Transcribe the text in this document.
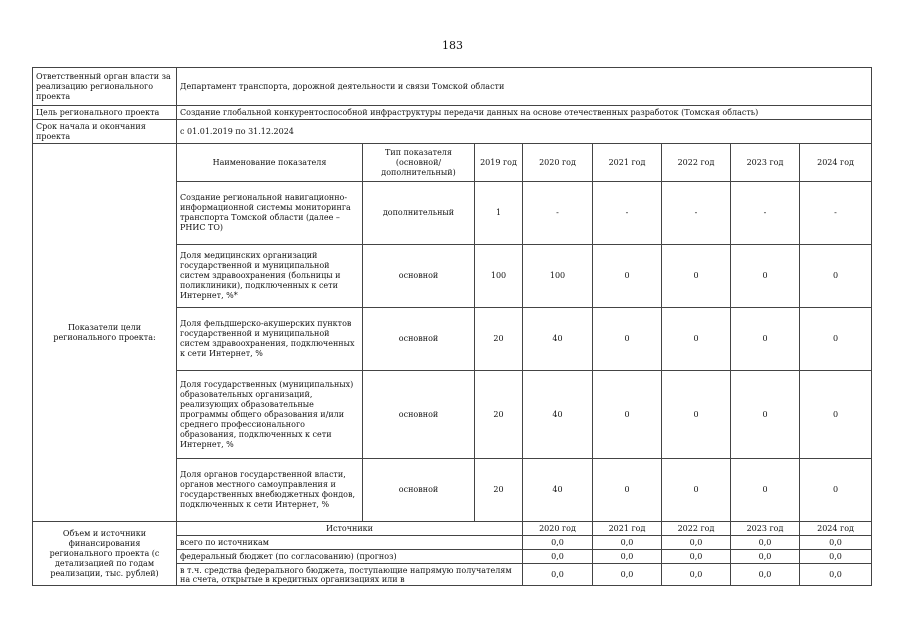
183
Ответственный орган власти за реализацию регионального проекта	Департамент транспорта, дорожной деятельности и связи Томской области							
Цель регионального проекта	Создание глобальной конкурентоспособной инфраструктуры передачи данных на основе отечественных разработок (Томская область)							
Срок начала и окончания проекта	с 01.01.2019 по 31.12.2024							
Показатели цели регионального проекта:	Наименование показателя	Тип показателя (основной/дополнительный)	2019 год	2020 год	2021 год	2022 год	2023 год	2024 год
	Создание региональной навигационно-информационной системы мониторинга транспорта Томской области (далее – РНИС ТО)	дополнительный	1	-	-	-	-	-
	Доля медицинских организаций государственной и муниципальной систем здравоохранения (больницы и поликлиники), подключенных к сети Интернет, %*	основной	100	100	0	0	0	0
	Доля фельдшерско-акушерских пунктов государственной и муниципальной систем здравоохранения, подключенных к сети Интернет, %	основной	20	40	0	0	0	0
	Доля государственных (муниципальных) образовательных организаций, реализующих образовательные программы общего образования и/или среднего профессионального образования, подключенных к сети Интернет, %	основной	20	40	0	0	0	0
	Доля органов государственной власти, органов местного самоуправления и государственных внебюджетных фондов, подключенных к сети Интернет, %	основной	20	40	0	0	0	0
Объем и источники финансирования регионального проекта (с детализацией по годам реализации, тыс. рублей)	Источники			2020 год	2021 год	2022 год	2023 год	2024 год
	всего по источникам			0,0	0,0	0,0	0,0	0,0
	федеральный бюджет (по согласованию) (прогноз)			0,0	0,0	0,0	0,0	0,0

	в т.ч. средства федерального бюджета, поступающие напрямую получателям на счета, открытые в кредитных организациях или в			0,0	0,0	0,0	0,0	0,0
